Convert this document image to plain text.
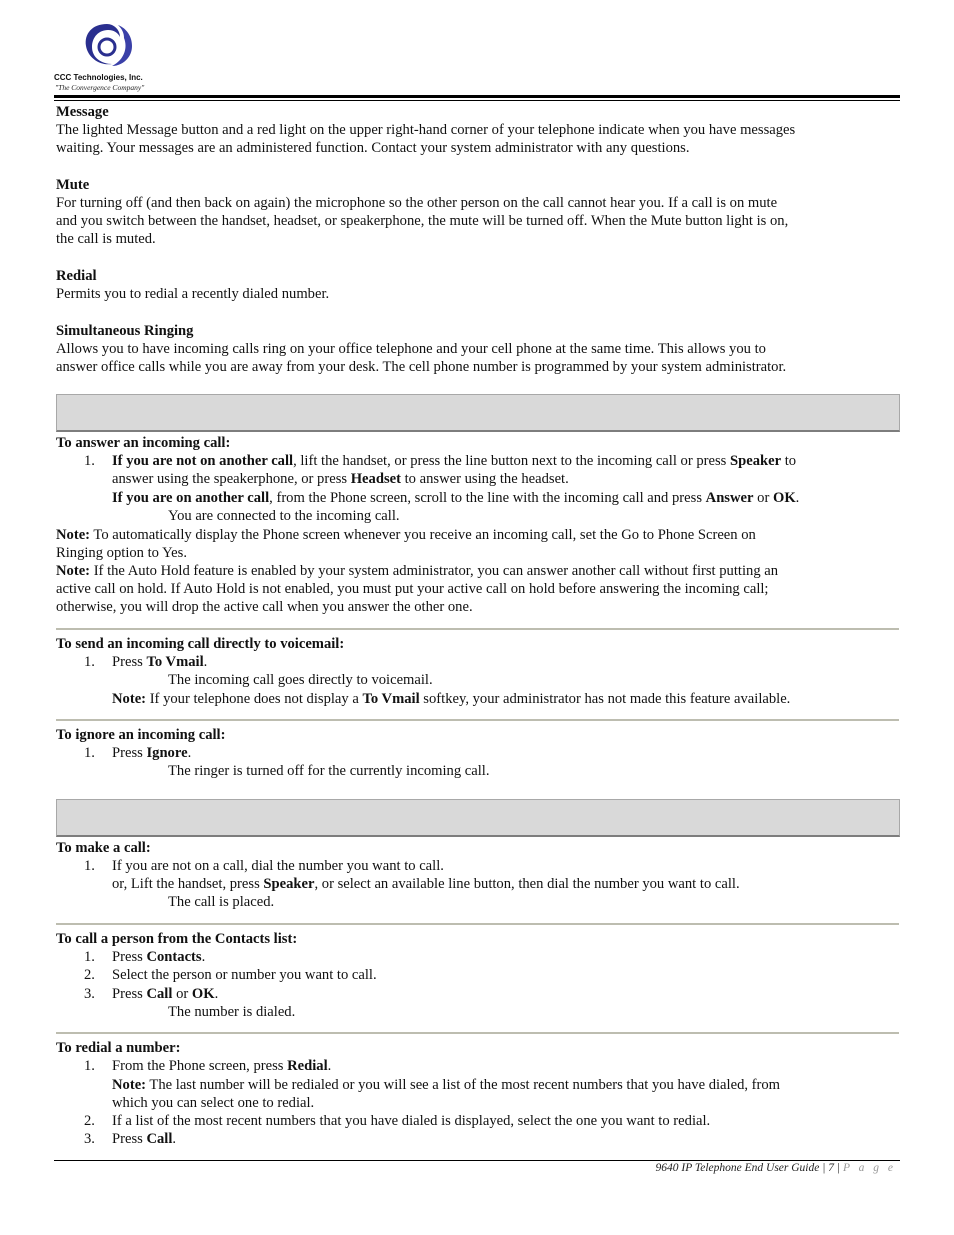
CCC Technologies, Inc.
"The Convergence Company"
Message
The lighted Message button and a red light on the upper right-hand corner of your telephone indicate when you have messages
waiting. Your messages are an administered function. Contact your system administrator with any questions.
Mute
For turning off (and then back on again) the microphone so the other person on the call cannot hear you. If a call is on mute
and you switch between the handset, headset, or speakerphone, the mute will be turned off. When the Mute button light is on,
the call is muted.
Redial
Permits you to redial a recently dialed number.
Simultaneous Ringing
Allows you to have incoming calls ring on your office telephone and your cell phone at the same time. This allows you to
answer office calls while you are away from your desk. The cell phone number is programmed by your system administrator.
To answer an incoming call:
1. If you are not on another call, lift the handset, or press the line button next to the incoming call or press Speaker to
answer using the speakerphone, or press Headset to answer using the headset.
If you are on another call, from the Phone screen, scroll to the line with the incoming call and press Answer or OK.
You are connected to the incoming call.
Note: To automatically display the Phone screen whenever you receive an incoming call, set the Go to Phone Screen on
Ringing option to Yes.
Note: If the Auto Hold feature is enabled by your system administrator, you can answer another call without first putting an
active call on hold. If Auto Hold is not enabled, you must put your active call on hold before answering the incoming call;
otherwise, you will drop the active call when you answer the other one.
To send an incoming call directly to voicemail:
1. Press To Vmail.
The incoming call goes directly to voicemail.
Note: If your telephone does not display a To Vmail softkey, your administrator has not made this feature available.
To ignore an incoming call:
1. Press Ignore.
The ringer is turned off for the currently incoming call.
To make a call:
1. If you are not on a call, dial the number you want to call.
or, Lift the handset, press Speaker, or select an available line button, then dial the number you want to call.
The call is placed.
To call a person from the Contacts list:
1. Press Contacts.
2. Select the person or number you want to call.
3. Press Call or OK.
The number is dialed.
To redial a number:
1. From the Phone screen, press Redial.
Note: The last number will be redialed or you will see a list of the most recent numbers that you have dialed, from
which you can select one to redial.
2. If a list of the most recent numbers that you have dialed is displayed, select the one you want to redial.
3. Press Call.
9640 IP Telephone End User Guide | 7 | P a g e
